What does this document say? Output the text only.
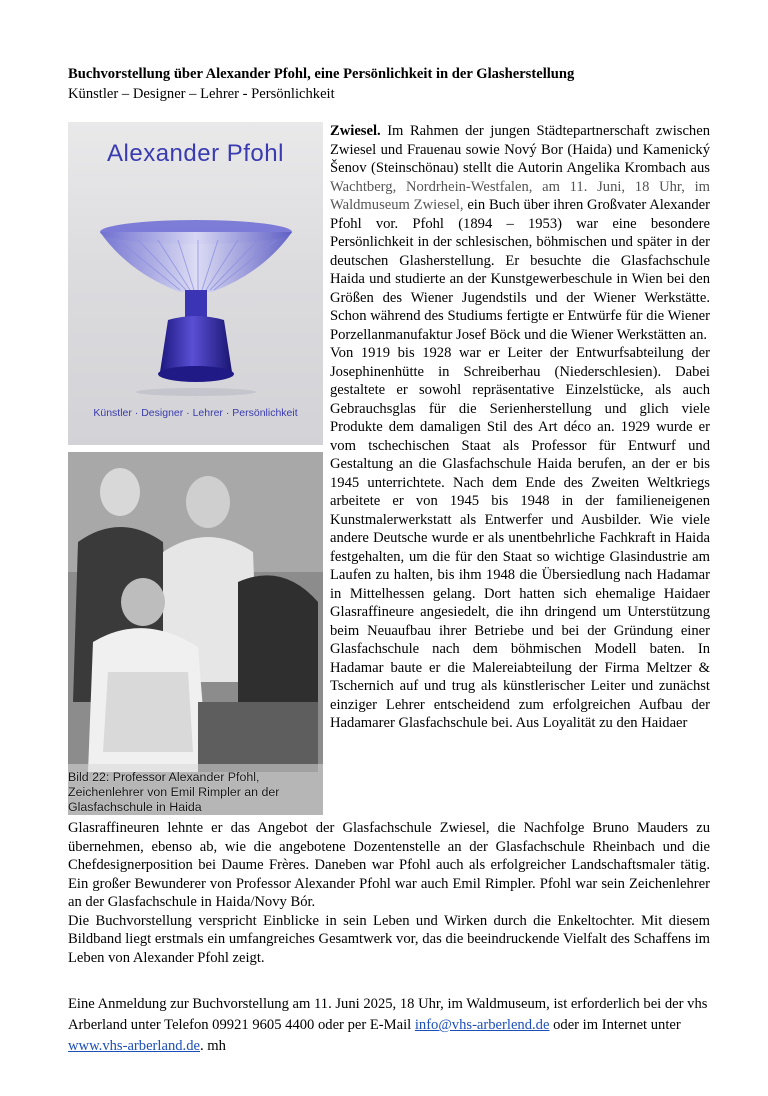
Buchvorstellung über Alexander Pfohl, eine Persönlichkeit in der Glasherstellung
Künstler – Designer – Lehrer - Persönlichkeit
Alexander Pfohl
Künstler · Designer · Lehrer · Persönlichkeit
Bild 22: Professor Alexander Pfohl, Zeichenlehrer von Emil Rimpler an der Glasfachschule in Haida

Zwiesel. Im Rahmen der jungen Städtepartnerschaft zwischen Zwiesel und Frauenau sowie Nový Bor (Haida) und Kamenický Šenov (Steinschönau) stellt die Autorin Angelika Krombach aus Wachtberg, Nordrhein-Westfalen, am 11. Juni, 18 Uhr, im Waldmuseum Zwiesel, ein Buch über ihren Großvater Alexander Pfohl vor. Pfohl (1894 – 1953) war eine besondere Persönlichkeit in der schlesischen, böhmischen und später in der deutschen Glasherstellung. Er besuchte die Glasfachschule Haida und studierte an der Kunstgewerbeschule in Wien bei den Größen des Wiener Jugendstils und der Wiener Werkstätte. Schon während des Studiums fertigte er Entwürfe für die Wiener Porzellanmanufaktur Josef Böck und die Wiener Werkstätten an.

Von 1919 bis 1928 war er Leiter der Entwurfsabteilung der Josephinenhütte in Schreiberhau (Niederschlesien). Dabei gestaltete er sowohl repräsentative Einzelstücke, als auch Gebrauchsglas für die Serienherstellung und glich viele Produkte dem damaligen Stil des Art déco an. 1929 wurde er vom tschechischen Staat als Professor für Entwurf und Gestaltung an die Glasfachschule Haida berufen, an der er bis 1945 unterrichtete. Nach dem Ende des Zweiten Weltkriegs arbeitete er von 1945 bis 1948 in der familieneigenen Kunstmalerwerkstatt als Entwerfer und Ausbilder. Wie viele andere Deutsche wurde er als unentbehrliche Fachkraft in Haida festgehalten, um die für den Staat so wichtige Glasindustrie am Laufen zu halten, bis ihm 1948 die Übersiedlung nach Hadamar in Mittelhessen gelang. Dort hatten sich ehemalige Haidaer Glasraffineure angesiedelt, die ihn dringend um Unterstützung beim Neuaufbau ihrer Betriebe und bei der Gründung einer Glasfachschule nach dem böhmischen Modell baten. In Hadamar baute er die Malereiabteilung der Firma Meltzer & Tschernich auf und trug als künstlerischer Leiter und zunächst einziger Lehrer entscheidend zum erfolgreichen Aufbau der Hadamarer Glasfachschule bei. Aus Loyalität zu den Haidaer

Glasraffineuren lehnte er das Angebot der Glasfachschule Zwiesel, die Nachfolge Bruno Mauders zu übernehmen, ebenso ab, wie die angebotene Dozentenstelle an der Glasfachschule Rheinbach und die Chefdesignerposition bei Daume Frères. Daneben war Pfohl auch als erfolgreicher Landschaftsmaler tätig. Ein großer Bewunderer von Professor Alexander Pfohl war auch Emil Rimpler. Pfohl war sein Zeichenlehrer an der Glasfachschule in Haida/Novy Bór.

Die Buchvorstellung verspricht Einblicke in sein Leben und Wirken durch die Enkeltochter. Mit diesem Bildband liegt erstmals ein umfangreiches Gesamtwerk vor, das die beeindruckende Vielfalt des Schaffens im Leben von Alexander Pfohl zeigt.

Eine Anmeldung zur Buchvorstellung am 11. Juni 2025, 18 Uhr, im Waldmuseum, ist erforderlich bei der vhs Arberland unter Telefon 09921 9605 4400 oder per E-Mail info@vhs-arberlend.de oder im Internet unter www.vhs-arberland.de. mh
